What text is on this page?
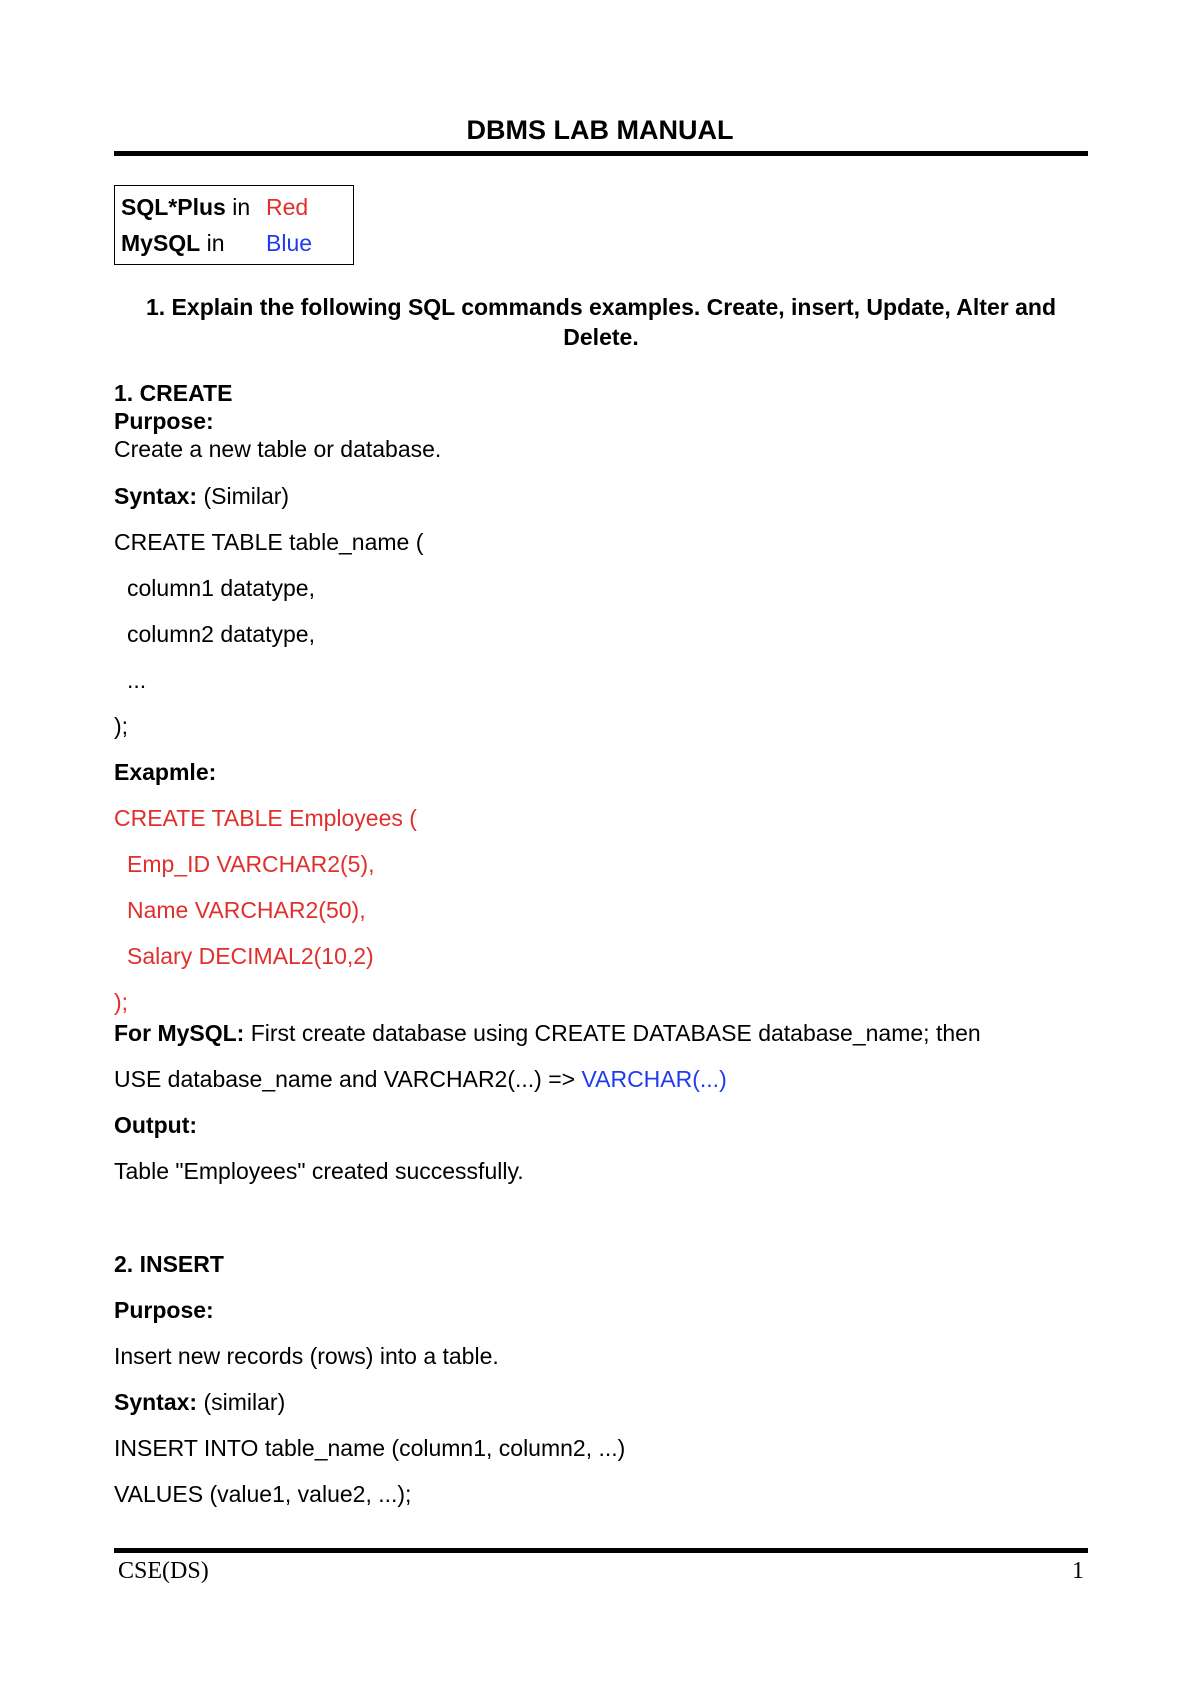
DBMS LAB MANUAL
SQL*Plus in Red
MySQL in Blue
1. Explain the following SQL commands examples. Create, insert, Update, Alter and Delete.
1. CREATE
Purpose:
Create a new table or database.
Syntax: (Similar)
CREATE TABLE table_name (
column1 datatype,
column2 datatype,
...
);
Exapmle:
CREATE TABLE Employees (
Emp_ID VARCHAR2(5),
Name VARCHAR2(50),
Salary DECIMAL2(10,2)
);
For MySQL: First create database using CREATE DATABASE database_name; then
USE database_name and VARCHAR2(...) => VARCHAR(...)
Output:
Table "Employees" created successfully.
2. INSERT
Purpose:
Insert new records (rows) into a table.
Syntax: (similar)
INSERT INTO table_name (column1, column2, ...)
VALUES (value1, value2, ...);
CSE(DS)	1
